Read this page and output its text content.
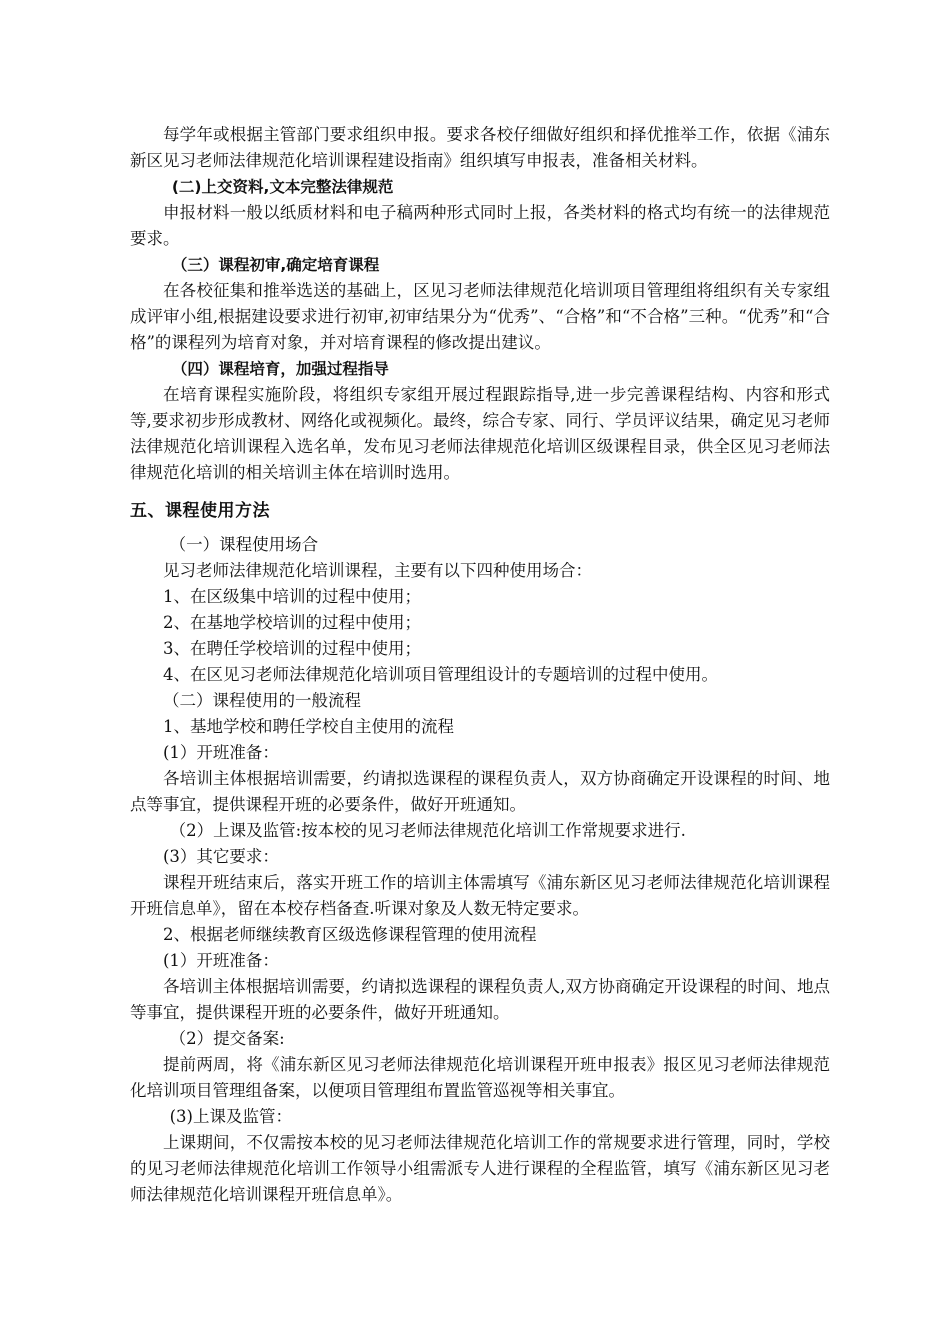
每学年或根据主管部门要求组织申报。要求各校仔细做好组织和择优推举工作，依据《浦东新区见习老师法律规范化培训课程建设指南》组织填写申报表，准备相关材料。

(二)上交资料,文本完整法律规范

申报材料一般以纸质材料和电子稿两种形式同时上报，各类材料的格式均有统一的法律规范要求。

（三）课程初审,确定培育课程

在各校征集和推举选送的基础上，区见习老师法律规范化培训项目管理组将组织有关专家组成评审小组,根据建设要求进行初审,初审结果分为“优秀”、“合格”和“不合格”三种。“优秀”和“合格”的课程列为培育对象，并对培育课程的修改提出建议。

（四）课程培育，加强过程指导

在培育课程实施阶段，将组织专家组开展过程跟踪指导,进一步完善课程结构、内容和形式等,要求初步形成教材、网络化或视频化。最终，综合专家、同行、学员评议结果，确定见习老师法律规范化培训课程入选名单，发布见习老师法律规范化培训区级课程目录，供全区见习老师法律规范化培训的相关培训主体在培训时选用。

五、课程使用方法

（一）课程使用场合

见习老师法律规范化培训课程，主要有以下四种使用场合：

1、在区级集中培训的过程中使用；

2、在基地学校培训的过程中使用；

3、在聘任学校培训的过程中使用；

4、在区见习老师法律规范化培训项目管理组设计的专题培训的过程中使用。

（二）课程使用的一般流程

1、基地学校和聘任学校自主使用的流程

(1）开班准备：

各培训主体根据培训需要，约请拟选课程的课程负责人，双方协商确定开设课程的时间、地点等事宜，提供课程开班的必要条件，做好开班通知。

（2）上课及监管:按本校的见习老师法律规范化培训工作常规要求进行.

(3）其它要求：

课程开班结束后，落实开班工作的培训主体需填写《浦东新区见习老师法律规范化培训课程开班信息单》，留在本校存档备查.听课对象及人数无特定要求。

2、根据老师继续教育区级选修课程管理的使用流程

(1）开班准备：

各培训主体根据培训需要，约请拟选课程的课程负责人,双方协商确定开设课程的时间、地点等事宜，提供课程开班的必要条件，做好开班通知。

（2）提交备案:

提前两周，将《浦东新区见习老师法律规范化培训课程开班申报表》报区见习老师法律规范化培训项目管理组备案，以便项目管理组布置监管巡视等相关事宜。

(3)上课及监管：

上课期间，不仅需按本校的见习老师法律规范化培训工作的常规要求进行管理，同时，学校的见习老师法律规范化培训工作领导小组需派专人进行课程的全程监管，填写《浦东新区见习老师法律规范化培训课程开班信息单》。
